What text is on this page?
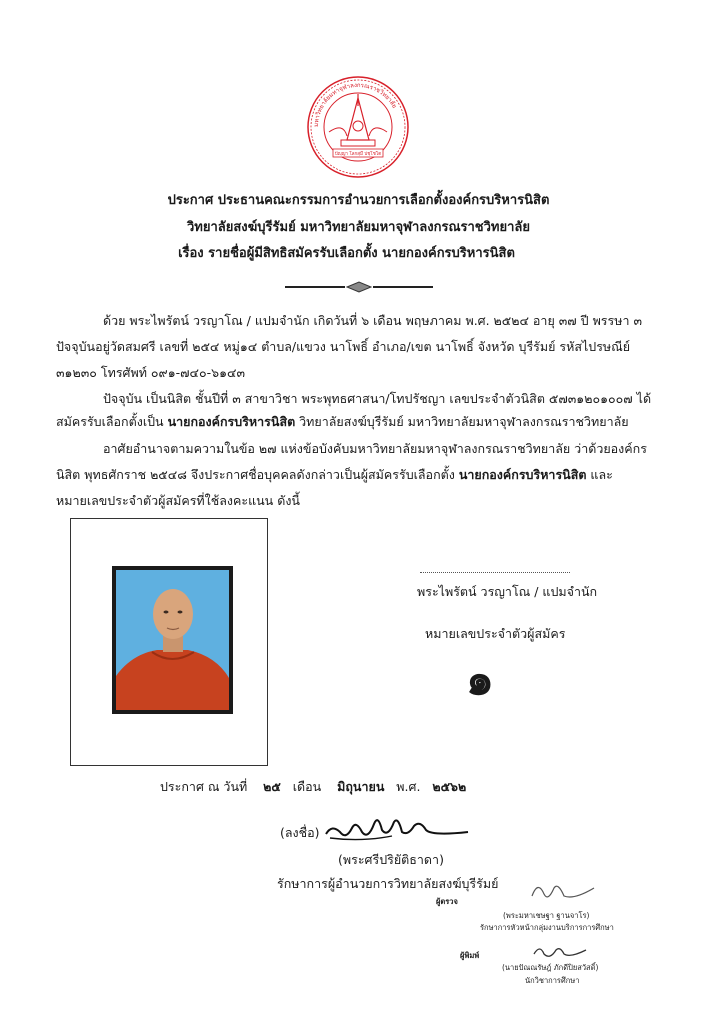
มหาวิทยาลัยมหาจุฬาลงกรณราชวิทยาลัย
ปัญฺญา โลกสฺมึ ปชฺโชโต
ประกาศ ประธานคณะกรรมการอำนวยการเลือกตั้งองค์กรบริหารนิสิต
วิทยาลัยสงฆ์บุรีรัมย์ มหาวิทยาลัยมหาจุฬาลงกรณราชวิทยาลัย
เรื่อง รายชื่อผู้มีสิทธิสมัครรับเลือกตั้ง นายกองค์กรบริหารนิสิต
ด้วย พระไพรัตน์ วรญาโณ / แปมจำนัก เกิดวันที่ ๖ เดือน พฤษภาคม พ.ศ. ๒๕๒๔ อายุ ๓๗ ปี พรรษา ๓
ปัจจุบันอยู่วัดสมศรี เลขที่ ๒๕๔ หมู่๑๔ ตำบล/แขวง นาโพธิ์ อำเภอ/เขต นาโพธิ์ จังหวัด บุรีรัมย์ รหัสไปรษณีย์
๓๑๒๓๐ โทรศัพท์ ๐๙๑-๗๔๐-๖๑๔๓
ปัจจุบัน เป็นนิสิต ชั้นปีที่ ๓ สาขาวิชา พระพุทธศาสนา/โทปรัชญา เลขประจำตัวนิสิต ๕๗๓๑๒๐๑๐๐๗ ได้
สมัครรับเลือกตั้งเป็น นายกองค์กรบริหารนิสิต วิทยาลัยสงฆ์บุรีรัมย์ มหาวิทยาลัยมหาจุฬาลงกรณราชวิทยาลัย
อาศัยอำนาจตามความในข้อ ๒๗ แห่งข้อบังคับมหาวิทยาลัยมหาจุฬาลงกรณราชวิทยาลัย ว่าด้วยองค์กร
นิสิต พุทธศักราช ๒๕๔๘ จึงประกาศชื่อบุคคลดังกล่าวเป็นผู้สมัครรับเลือกตั้ง นายกองค์กรบริหารนิสิต และ
หมายเลขประจำตัวผู้สมัครที่ใช้ลงคะแนน ดังนี้
พระไพรัตน์ วรญาโณ / แปมจำนัก
หมายเลขประจำตัวผู้สมัคร
๑
ประกาศ ณ วันที่ ๒๕ เดือน มิถุนายน พ.ศ. ๒๕๖๒
(ลงชื่อ)
(พระศรีปริยัติธาดา)
รักษาการผู้อำนวยการวิทยาลัยสงฆ์บุรีรัมย์
ผู้ตรวจ
(พระมหาเชษฐา ฐานจาโร)
รักษาการหัวหน้ากลุ่มงานบริการการศึกษา
ผู้พิมพ์
(นายปัณณรัษฎ์ ภักดีปิยสวัสดิ์)
นักวิชาการศึกษา
